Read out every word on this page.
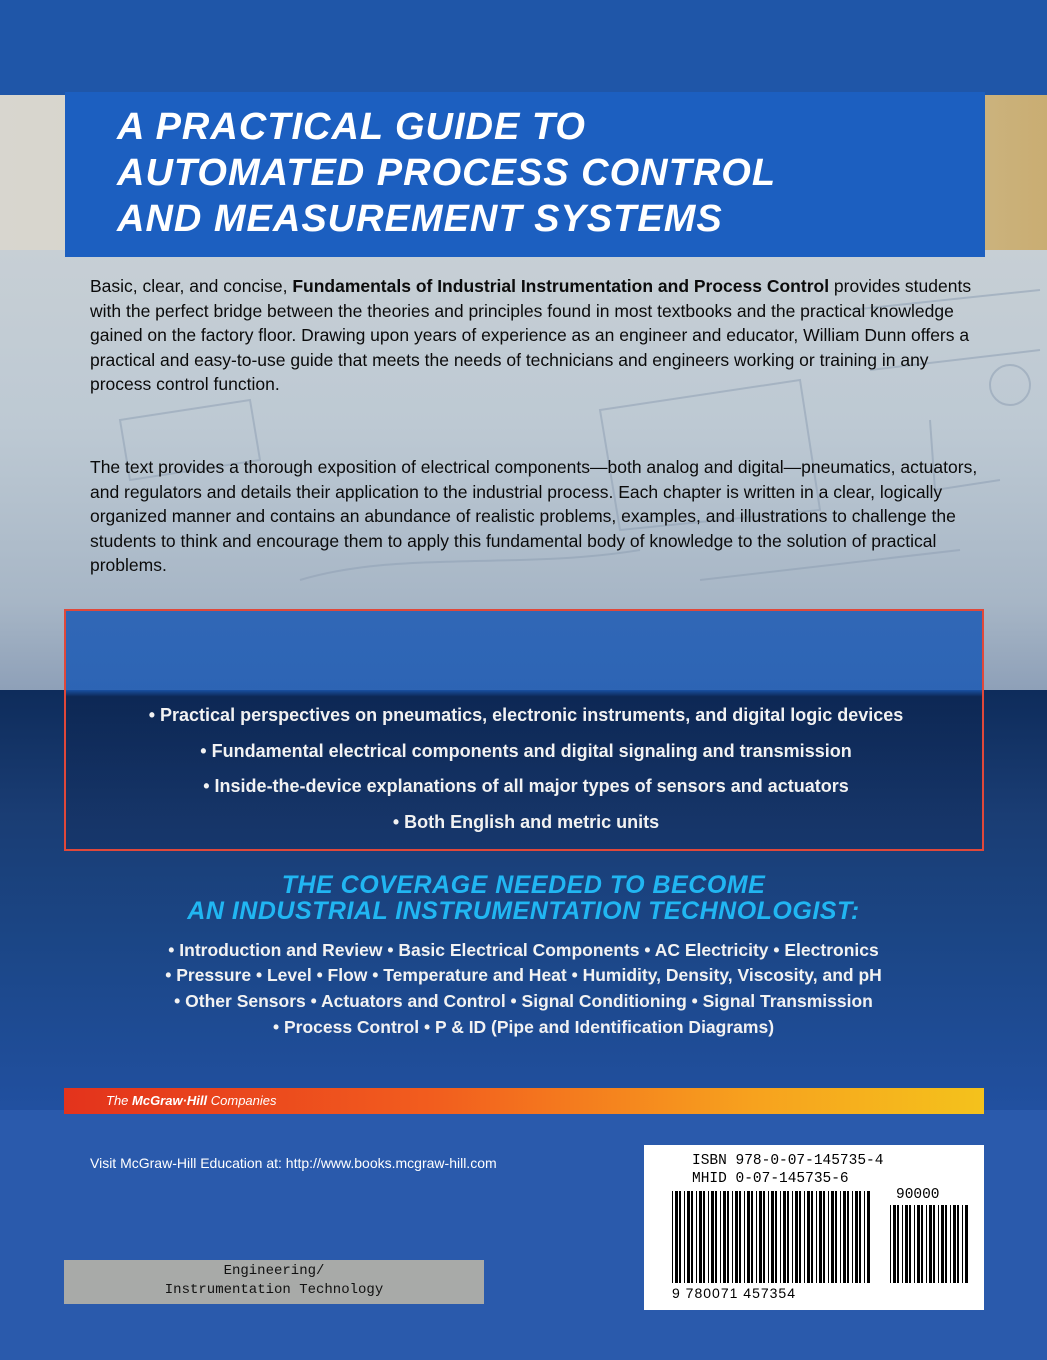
A PRACTICAL GUIDE TO
AUTOMATED PROCESS CONTROL
AND MEASUREMENT SYSTEMS
Basic, clear, and concise, Fundamentals of Industrial Instrumentation and Process Control provides students with the perfect bridge between the theories and principles found in most textbooks and the practical knowledge gained on the factory floor. Drawing upon years of experience as an engineer and educator, William Dunn offers a practical and easy-to-use guide that meets the needs of technicians and engineers working or training in any process control function.
The text provides a thorough exposition of electrical components—both analog and digital—pneumatics, actuators, and regulators and details their application to the industrial process. Each chapter is written in a clear, logically organized manner and contains an abundance of realistic problems, examples, and illustrations to challenge the students to think and encourage them to apply this fundamental body of knowledge to the solution of practical problems.
• Practical perspectives on pneumatics, electronic instruments, and digital logic devices
• Fundamental electrical components and digital signaling and transmission
• Inside-the-device explanations of all major types of sensors and actuators
• Both English and metric units
THE COVERAGE NEEDED TO BECOME
AN INDUSTRIAL INSTRUMENTATION TECHNOLOGIST:
• Introduction and Review • Basic Electrical Components • AC Electricity • Electronics
• Pressure • Level • Flow • Temperature and Heat • Humidity, Density, Viscosity, and pH
• Other Sensors • Actuators and Control • Signal Conditioning • Signal Transmission
• Process Control • P & ID (Pipe and Identification Diagrams)
The McGraw·Hill Companies
Visit McGraw-Hill Education at: http://www.books.mcgraw-hill.com
Engineering/
Instrumentation Technology
ISBN 978-0-07-145735-4
MHID 0-07-145735-6
90000
9 780071 457354
